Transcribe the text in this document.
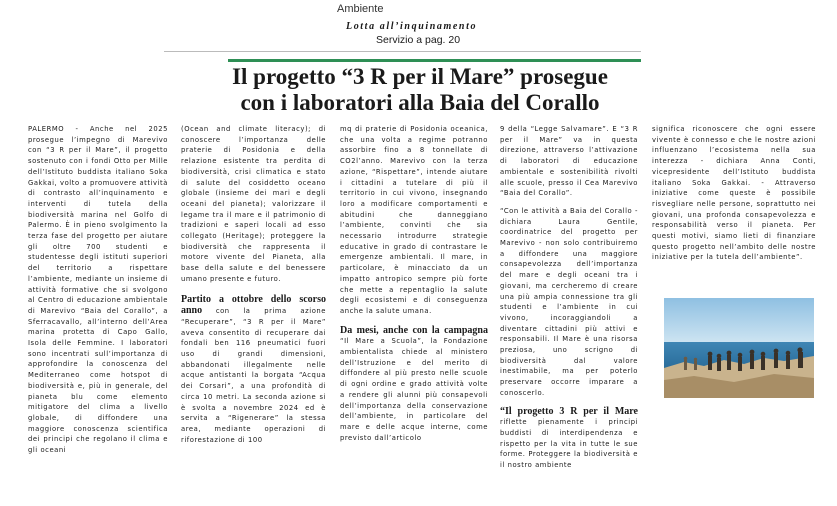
Ambiente
Lotta all’inquinamento
Servizio a pag. 20
Il progetto “3 R per il Mare” prosegue
con i laboratori alla Baia del Corallo

PALERMO - Anche nel 2025 prosegue l’impegno di Marevivo con “3 R per il Mare”, il progetto sostenuto con i fondi Otto per Mille dell’Istituto buddista italiano Soka Gakkai, volto a promuovere attività di contrasto all’inquinamento e interventi di tutela della biodiversità marina nel Golfo di Palermo. È in pieno svolgimento la terza fase del progetto per aiutare gli oltre 700 studenti e studentesse degli istituti superiori del territorio a rispettare l’ambiente, mediante un insieme di attività formative che si svolgono al Centro di educazione ambientale di Marevivo “Baia del Corallo”, a Sferracavallo, all’interno dell’Area marina protetta di Capo Gallo, Isola delle Femmine. I laboratori sono incentrati sull’importanza di approfondire la conoscenza del Mediterraneo come hotspot di biodiversità e, più in generale, del pianeta blu come elemento mitigatore del clima a livello globale, di diffondere una maggiore conoscenza scientifica dei principi che regolano il clima e gli oceani

(Ocean and climate literacy); di conoscere l’importanza delle praterie di Posidonia e della relazione esistente tra perdita di biodiversità, crisi climatica e stato di salute del cosiddetto oceano globale (insieme dei mari e degli oceani del pianeta); valorizzare il legame tra il mare e il patrimonio di tradizioni e saperi locali ad esso collegato (Heritage); proteggere la biodiversità che rappresenta il motore vivente del Pianeta, alla base della salute e del benessere umano presente e futuro.

Partito a ottobre dello scorso anno con la prima azione “Recuperare”, “3 R per il Mare” aveva consentito di recuperare dai fondali ben 116 pneumatici fuori uso di grandi dimensioni, abbandonati illegalmente nelle acque antistanti la borgata “Acqua dei Corsari”, a una profondità di circa 10 metri. La seconda azione si è svolta a novembre 2024 ed è servita a “Rigenerare” la stessa area, mediante operazioni di riforestazione di 100

mq di praterie di Posidonia oceanica, che una volta a regime potranno assorbire fino a 8 tonnellate di CO2l’anno. Marevivo con la terza azione, “Rispettare”, intende aiutare i cittadini a tutelare di più il territorio in cui vivono, insegnando loro a modificare comportamenti e abitudini che danneggiano l’ambiente, convinti che sia necessario introdurre strategie educative in grado di contrastare le emergenze ambientali. Il mare, in particolare, è minacciato da un impatto antropico sempre più forte che mette a repentaglio la salute degli ecosistemi e di conseguenza anche la salute umana.

Da mesi, anche con la campagna “Il Mare a Scuola”, la Fondazione ambientalista chiede al ministero dell’Istruzione e del merito di diffondere al più presto nelle scuole di ogni ordine e grado attività volte a rendere gli alunni più consapevoli dell’importanza della conservazione dell’ambiente, in particolare del mare e delle acque interne, come previsto dall’articolo

9 della “Legge Salvamare”. E “3 R per il Mare” va in questa direzione, attraverso l’attivazione di laboratori di educazione ambientale e sostenibilità rivolti alle scuole, presso il Cea Marevivo “Baia del Corallo”.

“Con le attività a Baia del Corallo - dichiara Laura Gentile, coordinatrice del progetto per Marevivo - non solo contribuiremo a diffondere una maggiore consapevolezza dell’importanza del mare e degli oceani tra i giovani, ma cercheremo di creare una più ampia connessione tra gli studenti e l’ambiente in cui vivono, incoraggiandoli a diventare cittadini più attivi e responsabili. Il Mare è una risorsa preziosa, uno scrigno di biodiversità dal valore inestimabile, ma per poterlo preservare occorre imparare a conoscerlo.

“Il progetto 3 R per il Mare riflette pienamente i principi buddisti di interdipendenza e rispetto per la vita in tutte le sue forme. Proteggere la biodiversità e il nostro ambiente

significa riconoscere che ogni essere vivente è connesso e che le nostre azioni influenzano l’ecosistema nella sua interezza - dichiara Anna Conti, vicepresidente dell’Istituto buddista italiano Soka Gakkai. - Attraverso iniziative come queste è possibile risvegliare nelle persone, soprattutto nei giovani, una profonda consapevolezza e responsabilità verso il pianeta. Per questi motivi, siamo lieti di finanziare questo progetto nell’ambito delle nostre iniziative per la tutela dell’ambiente”.
